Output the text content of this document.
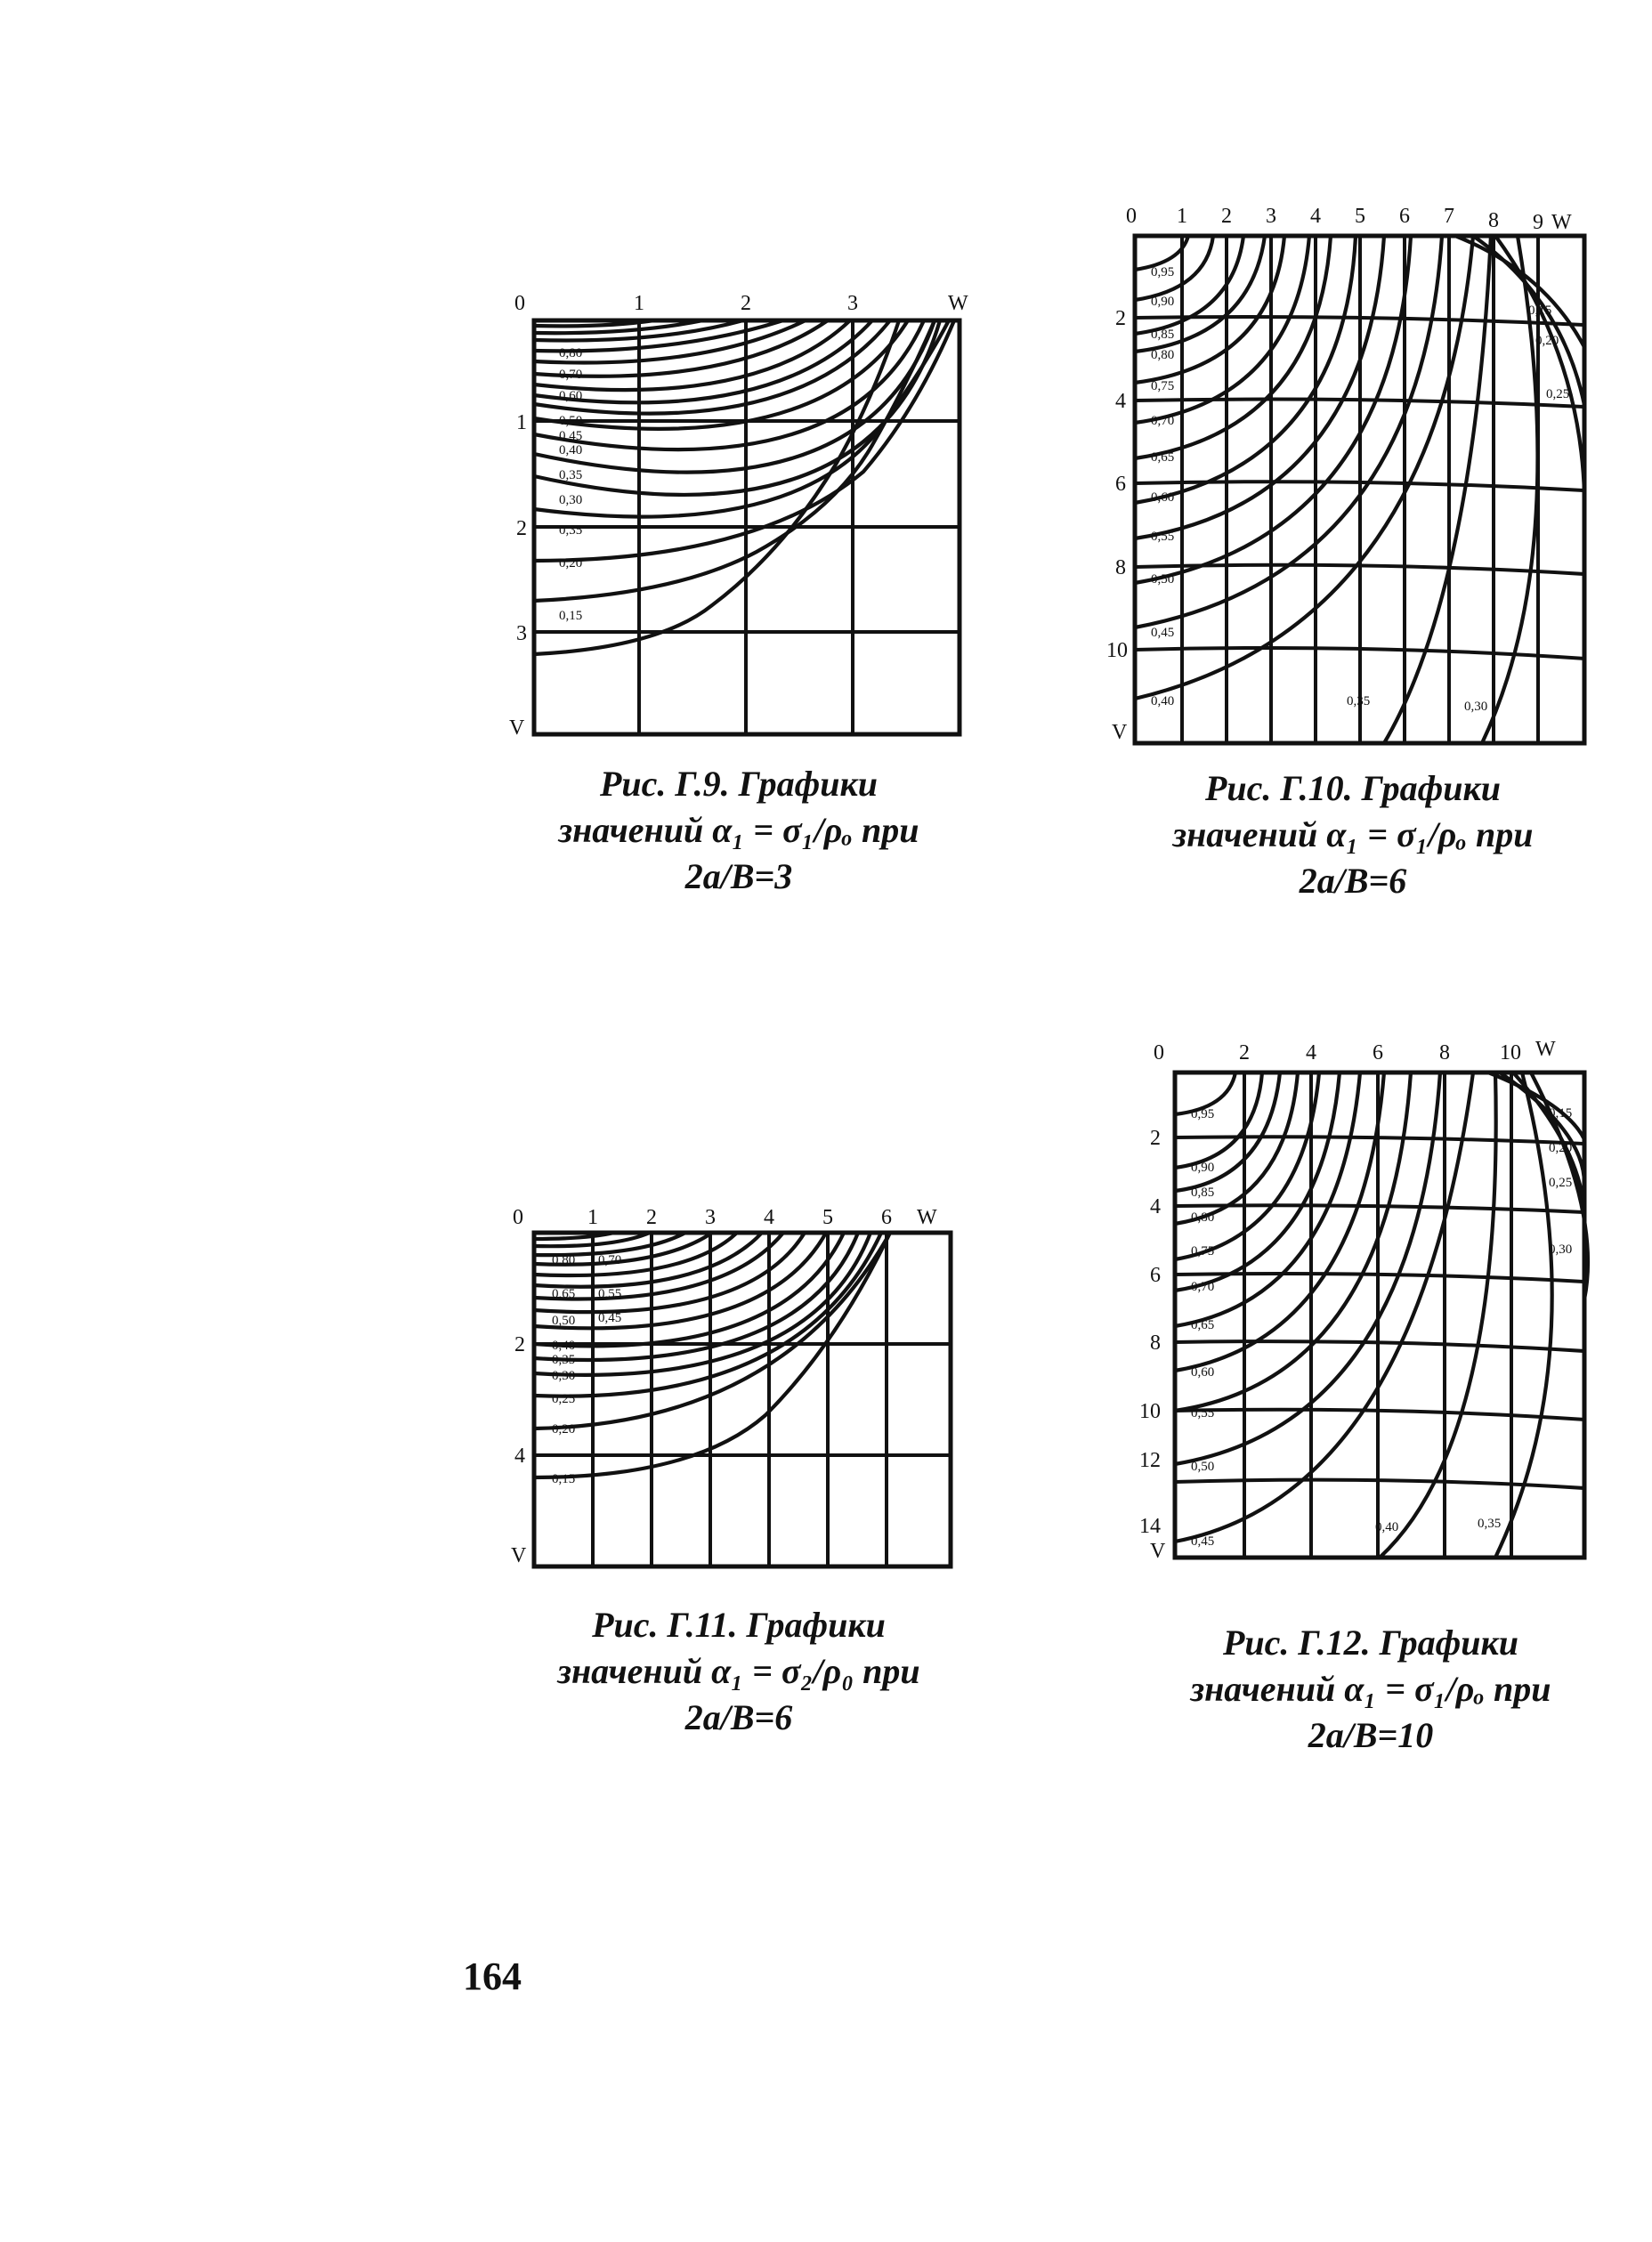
0	1	2	3	W
1
2
3
V
0,80
0,70
0,60
0,50
0,45
0,40
0,35
0,30
0,35
0,20
0,15
Рис. Г.9. Графики
значений α₁ = σ₁/ρₒ при
2a/B=3
0 1 2 3 4 5 6 7 8 9 W
2
4
6
8
10
V
0,95
0,90
0,85
0,80
0,75
0,70
0,65
0,60
0,55
0,50
0,45
0,40
0,15
0,20
0,25
0,35	0,30
Рис. Г.10. Графики
значений α₁ = σ₁/ρₒ при
2a/B=6
0	1 2 3 4 5 6 W
2
4
V
0,80
0,65
0,50
0,40
0,35
0,30
0,25
0,20
0,15
0,70
0,55
0,45
Рис. Г.11. Графики
значений α₁ = σ₂/ρ₀ при
2a/B=6
0	2	4	6	8 10 W
2
4
6
8
10
12
14
V
0,95
0,90
0,85
0,80
0,75
0,70
0,65
0,60
0,55
0,50
0,45
0,15
0,20
0,25
0,30
0,40	0,35
Рис. Г.12. Графики
значений α₁ = σ₁/ρₒ при
2a/B=10
164
